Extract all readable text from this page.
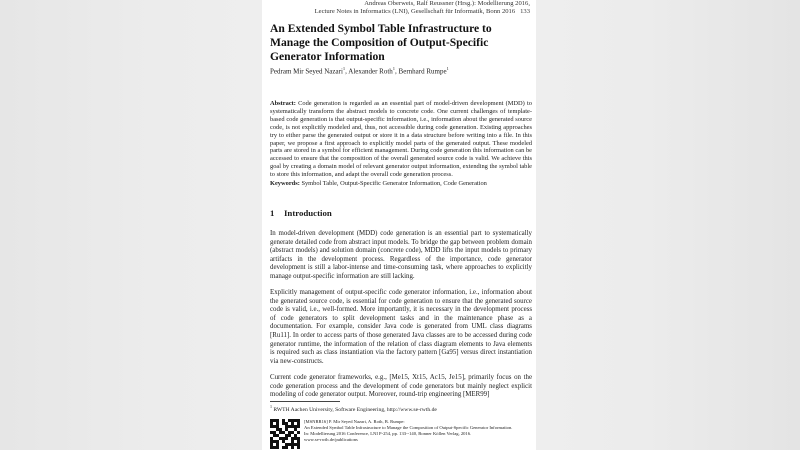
Andreas Oberweis, Ralf Reussner (Hrsg.): Modellierung 2016,
Lecture Notes in Informatics (LNI), Gesellschaft für Informatik, Bonn 2016 133
An Extended Symbol Table Infrastructure to Manage the Composition of Output-Specific Generator Information
Pedram Mir Seyed Nazari$^1$, Alexander Roth$^1$, Bernhard Rumpe$^1$

Abstract: Code generation is regarded as an essential part of model-driven development (MDD) to systematically transform the abstract models to concrete code. One current challenges of template-based code generation is that output-specific information, i.e., information about the generated source code, is not explicitly modeled and, thus, not accessible during code generation. Existing approaches try to either parse the generated output or store it in a data structure before writing into a file. In this paper, we propose a first approach to explicitly model parts of the generated output. These modeled parts are stored in a symbol for efficient management. During code generation this information can be accessed to ensure that the composition of the overall generated source code is valid. We achieve this goal by creating a domain model of relevant generator output information, extending the symbol table to store this information, and adapt the overall code generation process.

Keywords: Symbol Table, Output-Specific Generator Information, Code Generation

1 Introduction

In model-driven development (MDD) code generation is an essential part to systematically generate detailed code from abstract input models. To bridge the gap between problem domain (abstract models) and solution domain (concrete code), MDD lifts the input models to primary artifacts in the development process. Regardless of the importance, code generator development is still a labor-intense and time-consuming task, where approaches to explicitly manage output-specific information are still lacking.

Explicitly management of output-specific code generator information, i.e., information about the generated source code, is essential for code generation to ensure that the generated source code is valid, i.e., well-formed. More importantly, it is necessary in the development process of code generators to split development tasks and in the maintenance phase as a documentation. For example, consider Java code is generated from UML class diagrams [Ru11]. In order to access parts of those generated Java classes are to be accessed during code generator runtime, the information of the relation of class diagram elements to Java elements is required such as class instantiation via the factory pattern [Ga95] versus direct instantiation via new-constructs.

Current code generator frameworks, e.g., [Me15, Xt15, Ac15, Je15], primarily focus on the code generation process and the development of code generators but mainly neglect explicit modeling of code generator output. Moreover, round-trip engineering [MER99]

$^1$ RWTH Aachen University, Software Engineering, http://www.se-rwth.de
[MSNRR16] P. Mir Seyed Nazari, A. Roth, B. Rumpe:
An Extended Symbol Table Infrastructure to Manage the Composition of Output-Specific Generator Information.
In: Modellierung 2016 Conference, LNI P-254, pp. 133--140, Bonner Köllen Verlag, 2016.
www.se-rwth.de/publications
